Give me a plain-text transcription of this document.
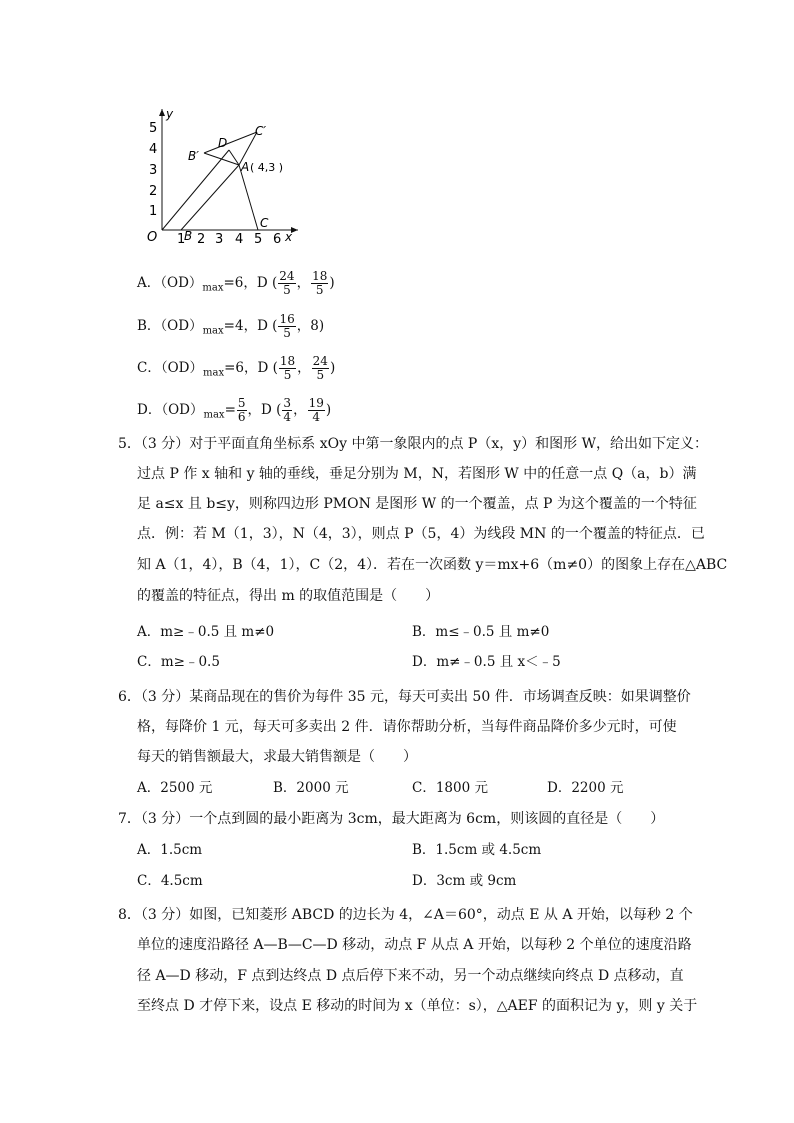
y
x
O
1
2
3
4
5
1 2 3 4 5 6
B
B′
D
C′
A ( 4,3 )
C
A．$(OD)_{max}=6$，D ( $\frac{24}{5}$ ， $\frac{18}{5}$ )
B．$(OD)_{max}=4$，D ( $\frac{16}{5}$ ，8)
C．$(OD)_{max}=6$，D ( $\frac{18}{5}$ ， $\frac{24}{5}$ )
D．$(OD)_{max}= \frac{5}{6}$ ，D ( $\frac{3}{4}$ ， $\frac{19}{4}$ )
5．（3 分）对于平面直角坐标系 xOy 中第一象限内的点 P（x，y）和图形 W，给出如下定义：
过点 P 作 x 轴和 y 轴的垂线，垂足分别为 M，N，若图形 W 中的任意一点 Q（a，b）满
足 a≤x 且 b≤y，则称四边形 PMON 是图形 W 的一个覆盖，点 P 为这个覆盖的一个特征
点．例：若 M（1，3），N（4，3），则点 P（5，4）为线段 MN 的一个覆盖的特征点．已
知 A（1，4），B（4，1），C（2，4）．若在一次函数 y＝mx+6（m≠0）的图象上存在△ABC
的覆盖的特征点，得出 m 的取值范围是（　　）
A．m≥﹣0.5 且 m≠0	B．m≤﹣0.5 且 m≠0
C．m≥﹣0.5	D．m≠﹣0.5 且 x＜﹣5
6．（3 分）某商品现在的售价为每件 35 元，每天可卖出 50 件．市场调查反映：如果调整价
格，每降价 1 元，每天可多卖出 2 件．请你帮助分析，当每件商品降价多少元时，可使
每天的销售额最大，求最大销售额是（　　）
A．2500 元	B．2000 元	C．1800 元	D．2200 元
7．（3 分）一个点到圆的最小距离为 3cm，最大距离为 6cm，则该圆的直径是（　　）
A．1.5cm	B．1.5cm 或 4.5cm
C．4.5cm	D．3cm 或 9cm
8．（3 分）如图，已知菱形 ABCD 的边长为 4，∠A＝60°，动点 E 从 A 开始，以每秒 2 个
单位的速度沿路径 A—B—C—D 移动，动点 F 从点 A 开始，以每秒 2 个单位的速度沿路
径 A—D 移动，F 点到达终点 D 点后停下来不动，另一个动点继续向终点 D 点移动，直
至终点 D 才停下来，设点 E 移动的时间为 x（单位：s），△AEF 的面积记为 y，则 y 关于
